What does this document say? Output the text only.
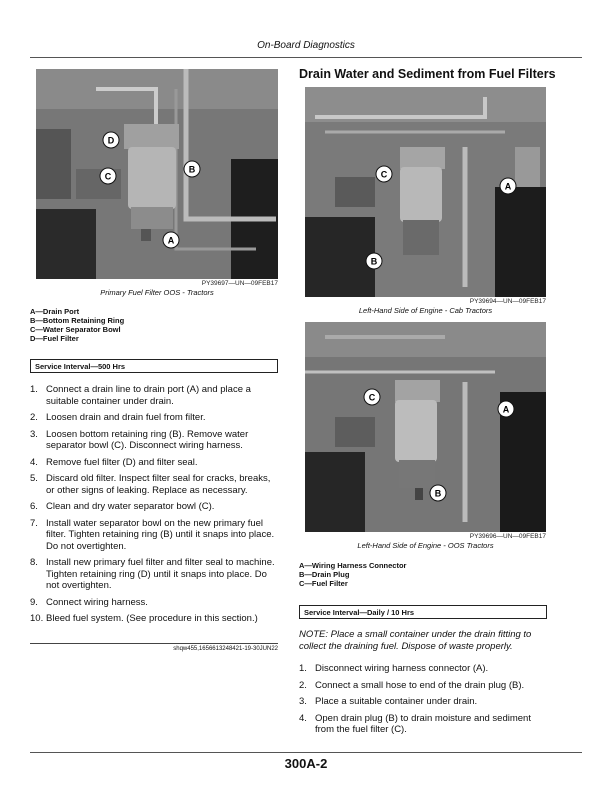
On-Board Diagnostics
D
C
B
A
PY39697—UN—09FEB17
Primary Fuel Filter OOS - Tractors
A—Drain Port
B—Bottom Retaining Ring
C—Water Separator Bowl
D—Fuel Filter
Service Interval—500 Hrs
1. Connect a drain line to drain port (A) and place a suitable container under drain.
2. Loosen drain and drain fuel from filter.
3. Loosen bottom retaining ring (B). Remove water separator bowl (C). Disconnect wiring harness.
4. Remove fuel filter (D) and filter seal.
5. Discard old filter. Inspect filter seal for cracks, breaks, or other signs of leaking. Replace as necessary.
6. Clean and dry water separator bowl (C).
7. Install water separator bowl on the new primary fuel filter. Tighten retaining ring (B) until it snaps into place. Do not overtighten.
8. Install new primary fuel filter and filter seal to machine. Tighten retaining ring (D) until it snaps into place. Do not overtighten.
9. Connect wiring harness.
10. Bleed fuel system. (See procedure in this section.)
shqw455,1656613248421-19-30JUN22
Drain Water and Sediment from Fuel Filters
C
A
B
PY39694—UN—09FEB17
Left-Hand Side of Engine - Cab Tractors
C
A
B
PY39696—UN—09FEB17
Left-Hand Side of Engine - OOS Tractors
A—Wiring Harness Connector
B—Drain Plug
C—Fuel Filter
Service Interval—Daily / 10 Hrs
NOTE: Place a small container under the drain fitting to collect the draining fuel. Dispose of waste properly.
1. Disconnect wiring harness connector (A).
2. Connect a small hose to end of the drain plug (B).
3. Place a suitable container under drain.
4. Open drain plug (B) to drain moisture and sediment from the fuel filter (C).
300A-2
